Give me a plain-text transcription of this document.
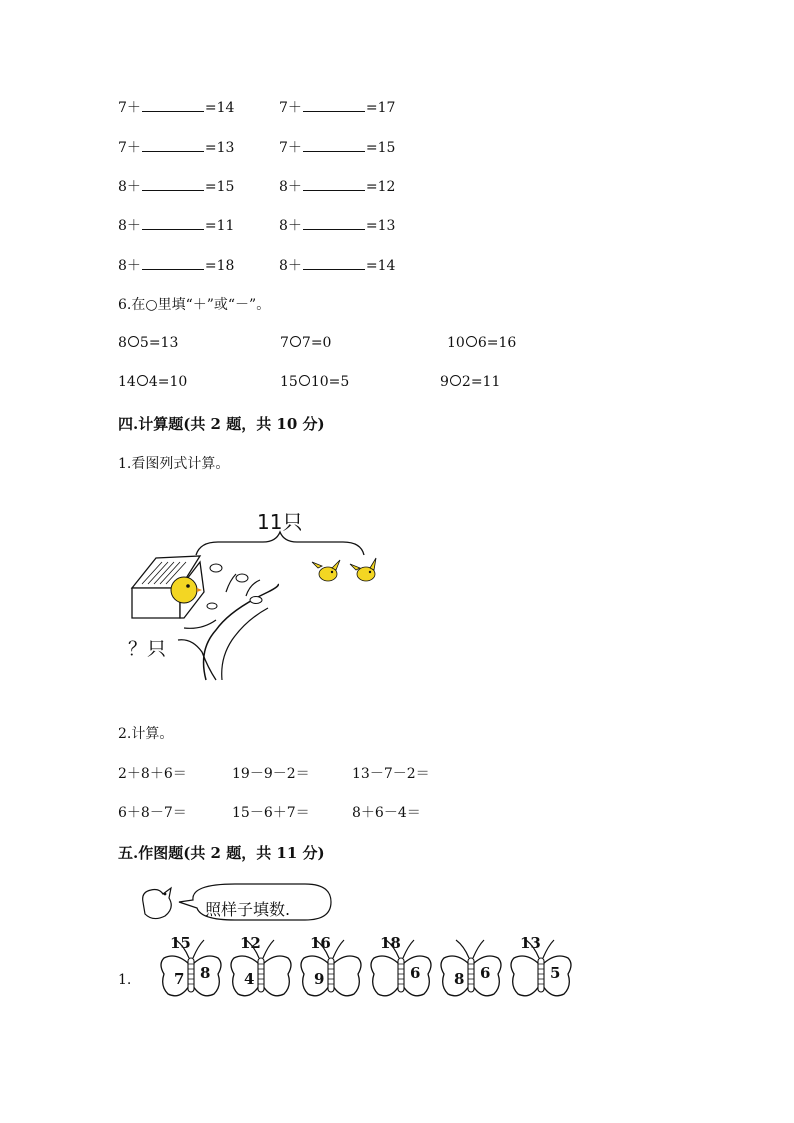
7＋	=14	7＋	=17
7＋	=13	7＋	=15
8＋	=15	8＋	=12
8＋	=11	8＋	=13
8＋	=18	8＋	=14
6.在○里填“＋”或“－”。
8 5=13	7 7=0	10 6=16
14 4=10	15 10=5	9 2=11
四.计算题(共 2 题，共 10 分)
1.看图列式计算。
11只
？只
2.计算。
2＋8＋6＝	19－9－2＝	13－7－2＝
6＋8－7＝	15－6＋7＝	8＋6－4＝
五.作图题(共 2 题，共 11 分)
照样子填数.
1.
15
7 8
12
4
16
9
18
6 8 6
13
5
